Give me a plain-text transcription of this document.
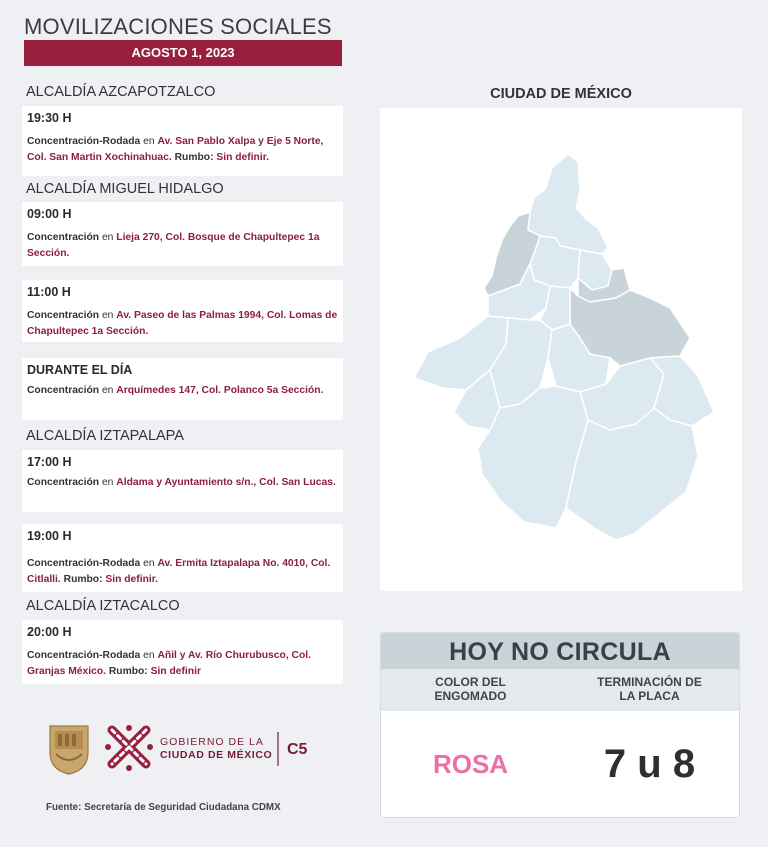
MOVILIZACIONES SOCIALES
AGOSTO 1, 2023
ALCALDÍA AZCAPOTZALCO
19:30 H
Concentración-Rodada en Av. San Pablo Xalpa y Eje 5 Norte, Col. San Martin Xochinahuac. Rumbo: Sin definir.
ALCALDÍA MIGUEL HIDALGO
09:00 H
Concentración en Lieja 270, Col. Bosque de Chapultepec 1a Sección.
11:00 H
Concentración en Av. Paseo de las Palmas 1994, Col. Lomas de Chapultepec 1a Sección.
DURANTE EL DÍA
Concentración en Arquímedes 147, Col. Polanco 5a Sección.
ALCALDÍA IZTAPALAPA
17:00 H
Concentración en Aldama y Ayuntamiento s/n., Col. San Lucas.
19:00 H
Concentración-Rodada en Av. Ermita Iztapalapa No. 4010, Col. Citlalli. Rumbo: Sin definir.
ALCALDÍA IZTACALCO
20:00 H
Concentración-Rodada en Añil y Av. Río Churubusco, Col. Granjas México. Rumbo: Sin definir
GOBIERNO DE LA
CIUDAD DE MÉXICO C5
Fuente: Secretaría de Seguridad Ciudadana CDMX
CIUDAD DE MÉXICO
HOY NO CIRCULA
COLOR DEL
ENGOMADO
TERMINACIÓN DE
LA PLACA
ROSA	7 u 8
